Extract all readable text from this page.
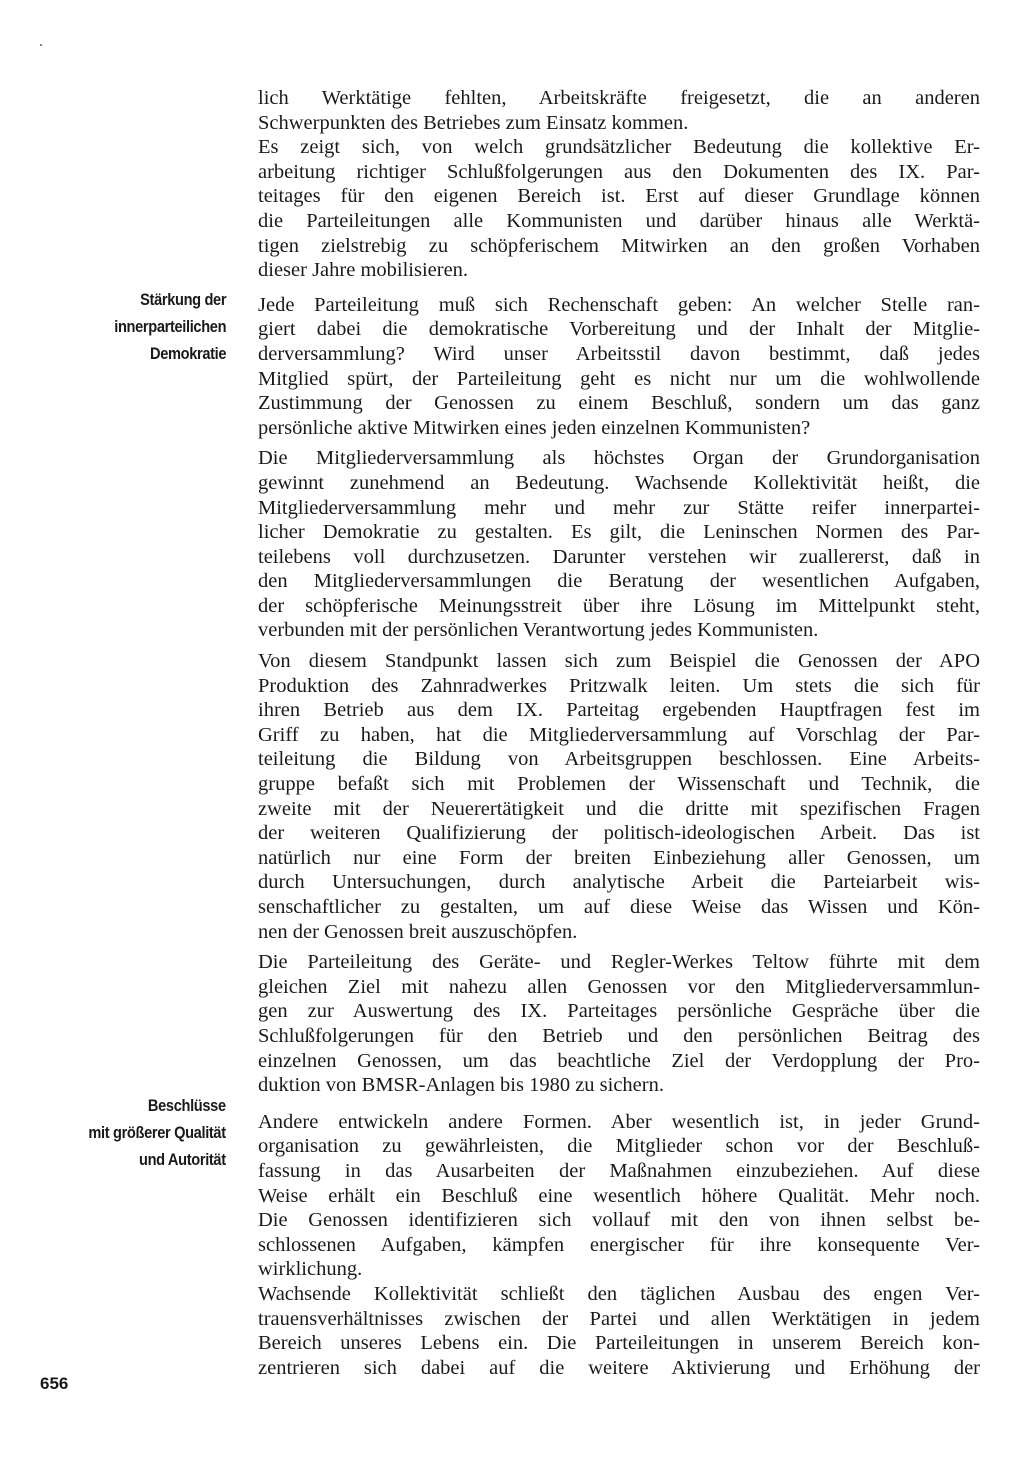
Stärkung der
innerparteilichen
Demokratie
Beschlüsse
mit größerer Qualität
und Autorität
lich Werktätige fehlten, Arbeitskräfte freigesetzt, die an anderen
Schwerpunkten des Betriebes zum Einsatz kommen.
Es zeigt sich, von welch grundsätzlicher Bedeutung die kollektive Er-
arbeitung richtiger Schlußfolgerungen aus den Dokumenten des IX. Par-
teitages für den eigenen Bereich ist. Erst auf dieser Grundlage können
die Parteileitungen alle Kommunisten und darüber hinaus alle Werktä-
tigen zielstrebig zu schöpferischem Mitwirken an den großen Vorhaben
dieser Jahre mobilisieren.
Jede Parteileitung muß sich Rechenschaft geben: An welcher Stelle ran-
giert dabei die demokratische Vorbereitung und der Inhalt der Mitglie-
derversammlung? Wird unser Arbeitsstil davon bestimmt, daß jedes
Mitglied spürt, der Parteileitung geht es nicht nur um die wohlwollende
Zustimmung der Genossen zu einem Beschluß, sondern um das ganz
persönliche aktive Mitwirken eines jeden einzelnen Kommunisten?
Die Mitgliederversammlung als höchstes Organ der Grundorganisation
gewinnt zunehmend an Bedeutung. Wachsende Kollektivität heißt, die
Mitgliederversammlung mehr und mehr zur Stätte reifer innerpartei-
licher Demokratie zu gestalten. Es gilt, die Leninschen Normen des Par-
teilebens voll durchzusetzen. Darunter verstehen wir zuallererst, daß in
den Mitgliederversammlungen die Beratung der wesentlichen Aufgaben,
der schöpferische Meinungsstreit über ihre Lösung im Mittelpunkt steht,
verbunden mit der persönlichen Verantwortung jedes Kommunisten.
Von diesem Standpunkt lassen sich zum Beispiel die Genossen der APO
Produktion des Zahnradwerkes Pritzwalk leiten. Um stets die sich für
ihren Betrieb aus dem IX. Parteitag ergebenden Hauptfragen fest im
Griff zu haben, hat die Mitgliederversammlung auf Vorschlag der Par-
teileitung die Bildung von Arbeitsgruppen beschlossen. Eine Arbeits-
gruppe befaßt sich mit Problemen der Wissenschaft und Technik, die
zweite mit der Neuerertätigkeit und die dritte mit spezifischen Fragen
der weiteren Qualifizierung der politisch-ideologischen Arbeit. Das ist
natürlich nur eine Form der breiten Einbeziehung aller Genossen, um
durch Untersuchungen, durch analytische Arbeit die Parteiarbeit wis-
senschaftlicher zu gestalten, um auf diese Weise das Wissen und Kön-
nen der Genossen breit auszuschöpfen.
Die Parteileitung des Geräte- und Regler-Werkes Teltow führte mit dem
gleichen Ziel mit nahezu allen Genossen vor den Mitgliederversammlun-
gen zur Auswertung des IX. Parteitages persönliche Gespräche über die
Schlußfolgerungen für den Betrieb und den persönlichen Beitrag des
einzelnen Genossen, um das beachtliche Ziel der Verdopplung der Pro-
duktion von BMSR-Anlagen bis 1980 zu sichern.
Andere entwickeln andere Formen. Aber wesentlich ist, in jeder Grund-
organisation zu gewährleisten, die Mitglieder schon vor der Beschluß-
fassung in das Ausarbeiten der Maßnahmen einzubeziehen. Auf diese
Weise erhält ein Beschluß eine wesentlich höhere Qualität. Mehr noch.
Die Genossen identifizieren sich vollauf mit den von ihnen selbst be-
schlossenen Aufgaben, kämpfen energischer für ihre konsequente Ver-
wirklichung.
Wachsende Kollektivität schließt den täglichen Ausbau des engen Ver-
trauensverhältnisses zwischen der Partei und allen Werktätigen in jedem
Bereich unseres Lebens ein. Die Parteileitungen in unserem Bereich kon-
zentrieren sich dabei auf die weitere Aktivierung und Erhöhung der
656
